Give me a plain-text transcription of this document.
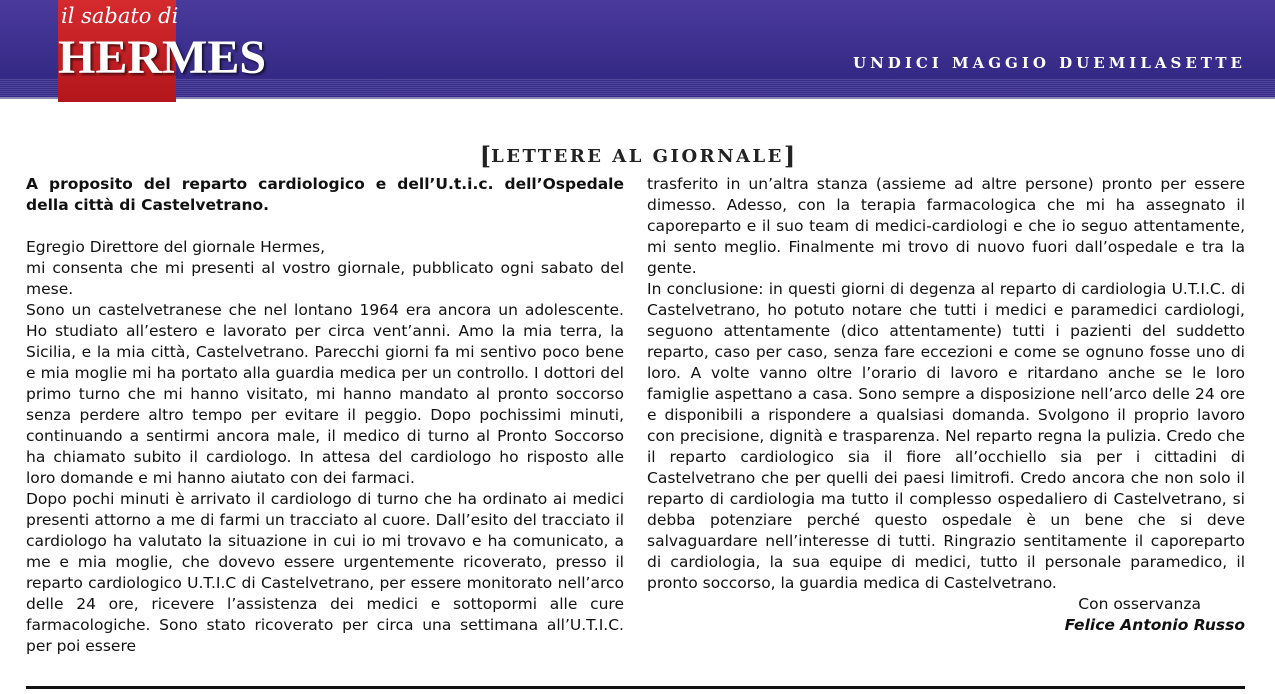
il sabato di
HERMES	UNDICI MAGGIO DUEMILASETTE
[LETTERE AL GIORNALE]

A proposito del reparto cardiologico e dell’U.t.i.c. dell’Ospedale della città di Castelvetrano.

Egregio Direttore del giornale Hermes,

mi consenta che mi presenti al vostro giornale, pubblicato ogni sabato del mese.

Sono un castelvetranese che nel lontano 1964 era ancora un adolescente. Ho studiato all’estero e lavorato per circa vent’anni. Amo la mia terra, la Sicilia, e la mia città, Castelvetrano. Parecchi giorni fa mi sentivo poco bene e mia moglie mi ha portato alla guardia medica per un controllo. I dottori del primo turno che mi hanno visitato, mi hanno mandato al pronto soccorso senza perdere altro tempo per evitare il peggio. Dopo pochissimi minuti, continuando a sentirmi ancora male, il medico di turno al Pronto Soccorso ha chiamato subito il cardiologo. In attesa del cardiologo ho risposto alle loro domande e mi hanno aiutato con dei farmaci.

Dopo pochi minuti è arrivato il cardiologo di turno che ha ordinato ai medici presenti attorno a me di farmi un tracciato al cuore. Dall’esito del tracciato il cardiologo ha valutato la situazione in cui io mi trovavo e ha comunicato, a me e mia moglie, che dovevo essere urgentemente ricoverato, presso il reparto cardiologico U.T.I.C di Castelvetrano, per essere monitorato nell’arco delle 24 ore, ricevere l’assistenza dei medici e sottopormi alle cure farmacologiche. Sono stato ricoverato per circa una settimana all’U.T.I.C. per poi essere

trasferito in un’altra stanza (assieme ad altre persone) pronto per essere dimesso. Adesso, con la terapia farmacologica che mi ha assegnato il caporeparto e il suo team di medici-cardiologi e che io seguo attentamente, mi sento meglio. Finalmente mi trovo di nuovo fuori dall’ospedale e tra la gente.

In conclusione: in questi giorni di degenza al reparto di cardiologia U.T.I.C. di Castelvetrano, ho potuto notare che tutti i medici e paramedici cardiologi, seguono attentamente (dico attentamente) tutti i pazienti del suddetto reparto, caso per caso, senza fare eccezioni e come se ognuno fosse uno di loro. A volte vanno oltre l’orario di lavoro e ritardano anche se le loro famiglie aspettano a casa. Sono sempre a disposizione nell’arco delle 24 ore e disponibili a rispondere a qualsiasi domanda. Svolgono il proprio lavoro con precisione, dignità e trasparenza. Nel reparto regna la pulizia. Credo che il reparto cardiologico sia il fiore all’occhiello sia per i cittadini di Castelvetrano che per quelli dei paesi limitrofi. Credo ancora che non solo il reparto di cardiologia ma tutto il complesso ospedaliero di Castelvetrano, si debba potenziare perché questo ospedale è un bene che si deve salvaguardare nell’interesse di tutti. Ringrazio sentitamente il caporeparto di cardiologia, la sua equipe di medici, tutto il personale paramedico, il pronto soccorso, la guardia medica di Castelvetrano.

Con osservanza

Felice Antonio Russo
